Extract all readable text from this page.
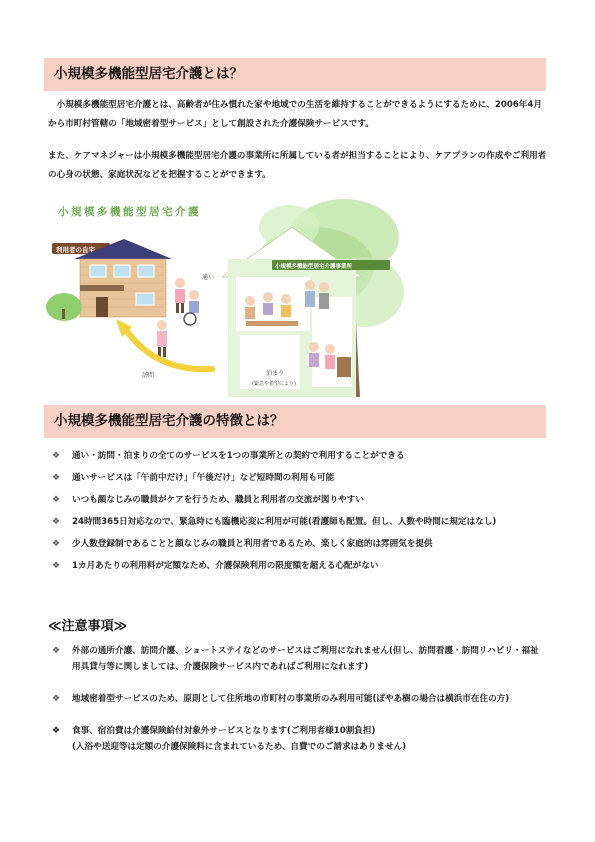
小規模多機能型居宅介護とは？

　小規模多機能型居宅介護とは、高齢者が住み慣れた家や地域での生活を維持することができるようにするために、2006年4月から市町村管轄の「地域密着型サービス」として創設された介護保険サービスです。

また、ケアマネジャーは小規模多機能型居宅介護の事業所に所属している者が担当することにより、ケアプランの作成やご利用者の心身の状態、家庭状況などを把握することができます。

小規模多機能型居宅介護
利用者の自宅
通い
訪問
小規模多機能型居宅介護事業所
泊まり
(緊急や希望により)
小規模多機能型居宅介護の特徴とは？
❖ 通い・訪問・泊まりの全てのサービスを1つの事業所との契約で利用することができる
❖ 通いサービスは「午前中だけ」「午後だけ」など短時間の利用も可能
❖ いつも顔なじみの職員がケアを行うため、職員と利用者の交流が図りやすい
❖ 24時間365日対応なので、緊急時にも臨機応変に利用が可能(看護師も配置。但し、人数や時間に規定はなし)
❖ 少人数登録制であることと顔なじみの職員と利用者であるため、楽しく家庭的は雰囲気を提供
❖ 1カ月あたりの利用料が定額なため、介護保険利用の限度額を超える心配がない
≪注意事項≫
❖ 外部の通所介護、訪問介護、ショートステイなどのサービスはご利用になれません(但し、訪問看護・訪問リハビリ・福祉用具貸与等に関しましては、介護保険サービス内であればご利用になれます)
❖ 地域密着型サービスのため、原則として住所地の市町村の事業所のみ利用可能(ぽやあ樹の場合は横浜市在住の方)
❖ 食事、宿泊費は介護保険給付対象外サービスとなります(ご利用者様10割負担)
(入浴や送迎等は定額の介護保険料に含まれているため、自費でのご請求はありません)
